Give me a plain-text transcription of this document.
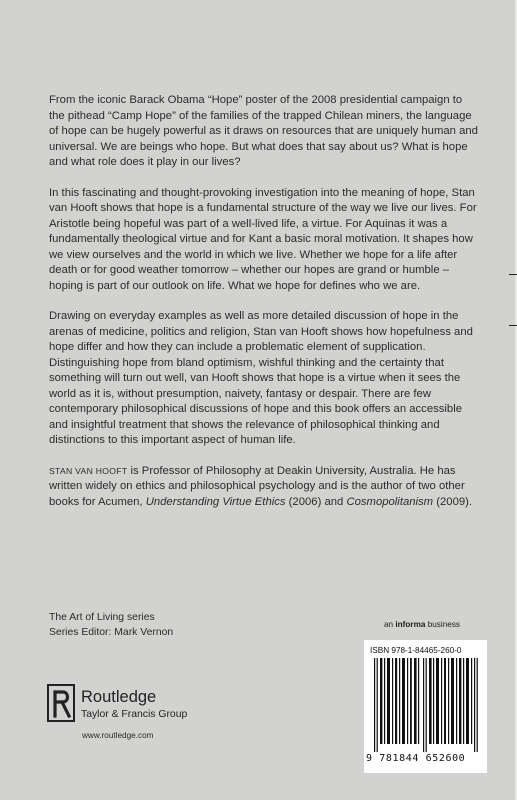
From the iconic Barack Obama “Hope” poster of the 2008 presidential campaign to the pithead “Camp Hope” of the families of the trapped Chilean miners, the language of hope can be hugely powerful as it draws on resources that are uniquely human and universal. We are beings who hope. But what does that say about us? What is hope and what role does it play in our lives?

In this fascinating and thought-provoking investigation into the meaning of hope, Stan van Hooft shows that hope is a fundamental structure of the way we live our lives. For Aristotle being hopeful was part of a well-lived life, a virtue. For Aquinas it was a fundamentally theological virtue and for Kant a basic moral motivation. It shapes how we view ourselves and the world in which we live. Whether we hope for a life after death or for good weather tomorrow – whether our hopes are grand or humble – hoping is part of our outlook on life. What we hope for defines who we are.

Drawing on everyday examples as well as more detailed discussion of hope in the arenas of medicine, politics and religion, Stan van Hooft shows how hopefulness and hope differ and how they can include a problematic element of supplication. Distinguishing hope from bland optimism, wishful thinking and the certainty that something will turn out well, van Hooft shows that hope is a virtue when it sees the world as it is, without presumption, naivety, fantasy or despair. There are few contemporary philosophical discussions of hope and this book offers an accessible and insightful treatment that shows the relevance of philosophical thinking and distinctions to this important aspect of human life.

STAN VAN HOOFT is Professor of Philosophy at Deakin University, Australia. He has written widely on ethics and philosophical psychology and is the author of two other books for Acumen, Understanding Virtue Ethics (2006) and Cosmopolitanism (2009).

The Art of Living series
Series Editor: Mark Vernon
an informa business
ISBN 978-1-84465-260-0
9 781844 652600
Routledge
Taylor & Francis Group
www.routledge.com
